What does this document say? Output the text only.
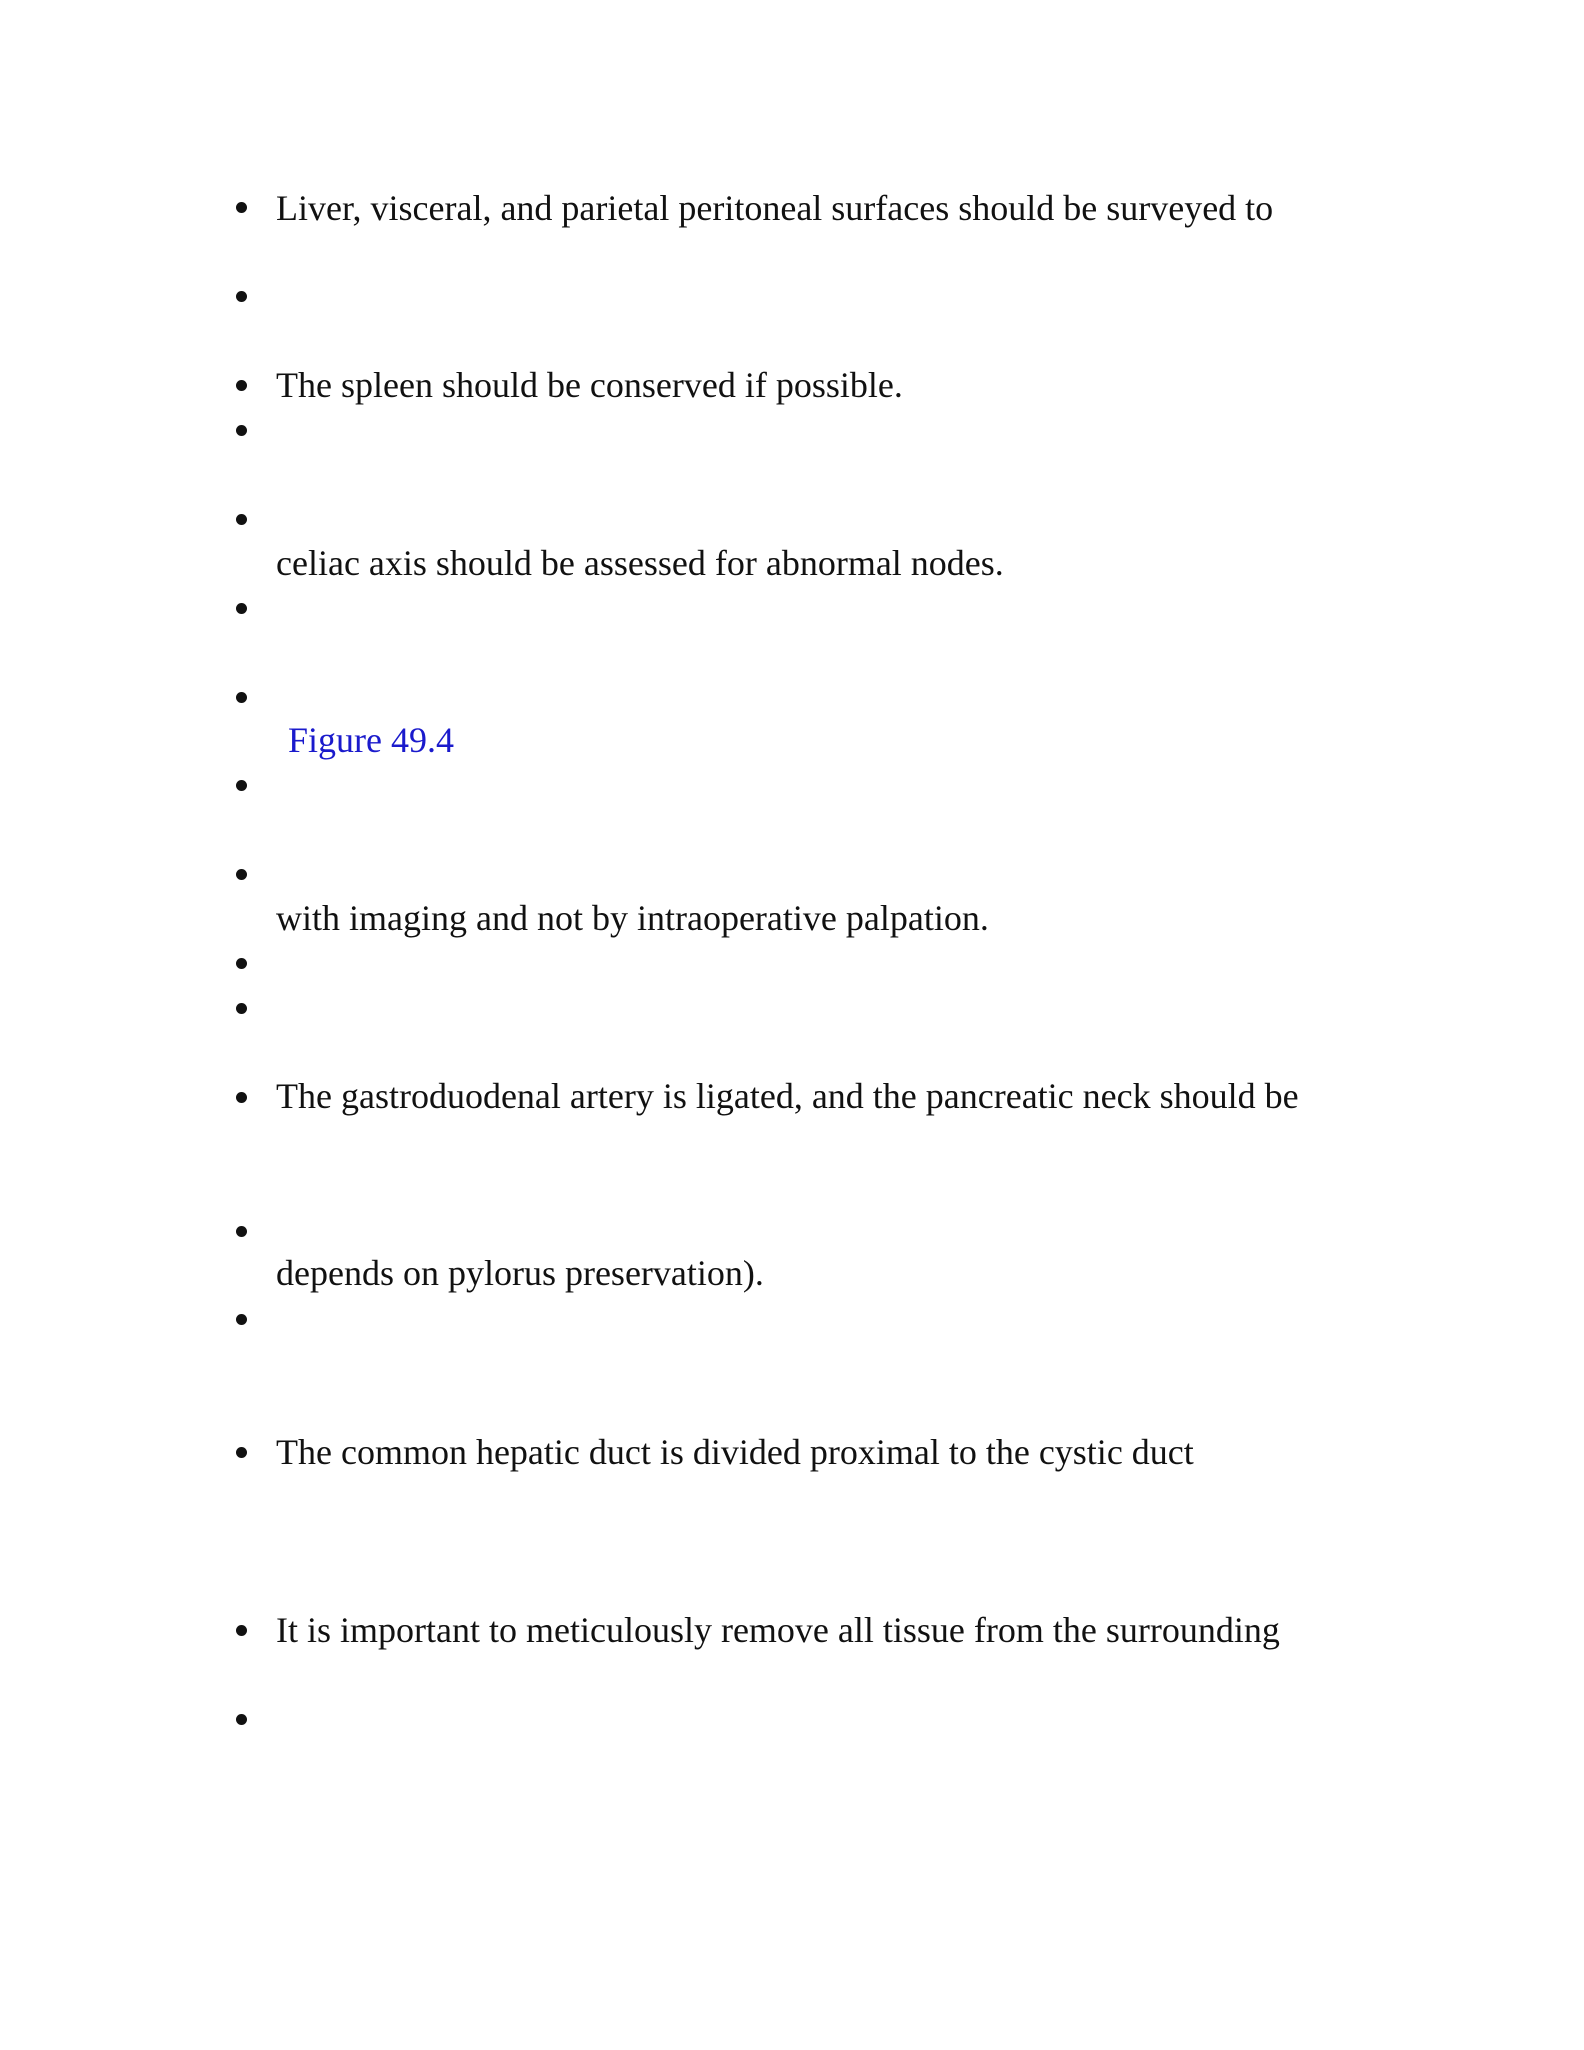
Liver, visceral, and parietal peritoneal surfaces should be surveyed to
The spleen should be conserved if possible.
celiac axis should be assessed for abnormal nodes.
Figure 49.4
with imaging and not by intraoperative palpation.
The gastroduodenal artery is ligated, and the pancreatic neck should be
depends on pylorus preservation).
The common hepatic duct is divided proximal to the cystic duct
It is important to meticulously remove all tissue from the surrounding
